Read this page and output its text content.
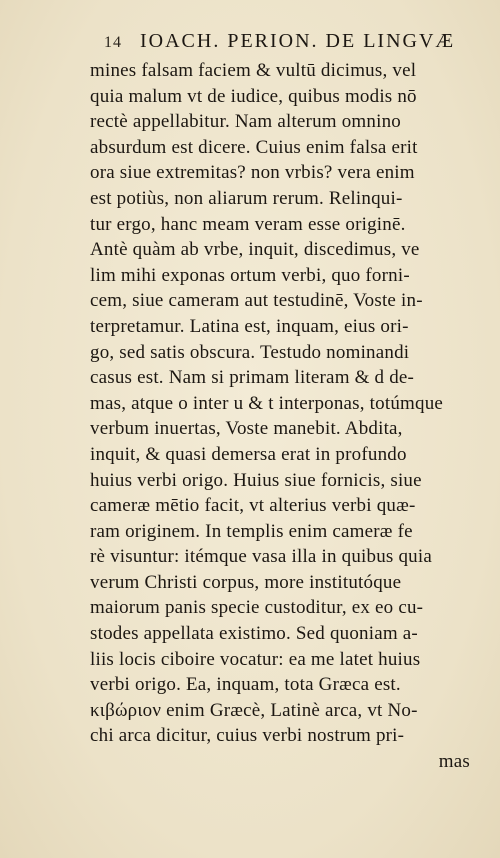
14 IOACH. PERION. DE LINGVÆ
mines falsam faciem & vultū dicimus, vel
quia malum vt de iudice, quibus modis nō
rectè appellabitur. Nam alterum omnino
absurdum est dicere. Cuius enim falsa erit
ora siue extremitas? non vrbis? vera enim
est potiùs, non aliarum rerum. Relinqui-
tur ergo, hanc meam veram esse originē.
Antè quàm ab vrbe, inquit, discedimus, ve
lim mihi exponas ortum verbi, quo forni-
cem, siue cameram aut testudinē, Voste in-
terpretamur. Latina est, inquam, eius ori-
go, sed satis obscura. Testudo nominandi
casus est. Nam si primam literam & d de-
mas, atque o inter u & t interponas, totúmque
verbum inuertas, Voste manebit. Abdita,
inquit, & quasi demersa erat in profundo
huius verbi origo. Huius siue fornicis, siue
cameræ mētio facit, vt alterius verbi quæ-
ram originem. In templis enim cameræ fe
rè visuntur: itémque vasa illa in quibus quia
verum Christi corpus, more institutóque
maiorum panis specie custoditur, ex eo cu-
stodes appellata existimo. Sed quoniam a-
liis locis ciboire vocatur: ea me latet huius
verbi origo. Ea, inquam, tota Græca est.
κιβώριον enim Græcè, Latinè arca, vt No-
chi arca dicitur, cuius verbi nostrum pri-
mas
